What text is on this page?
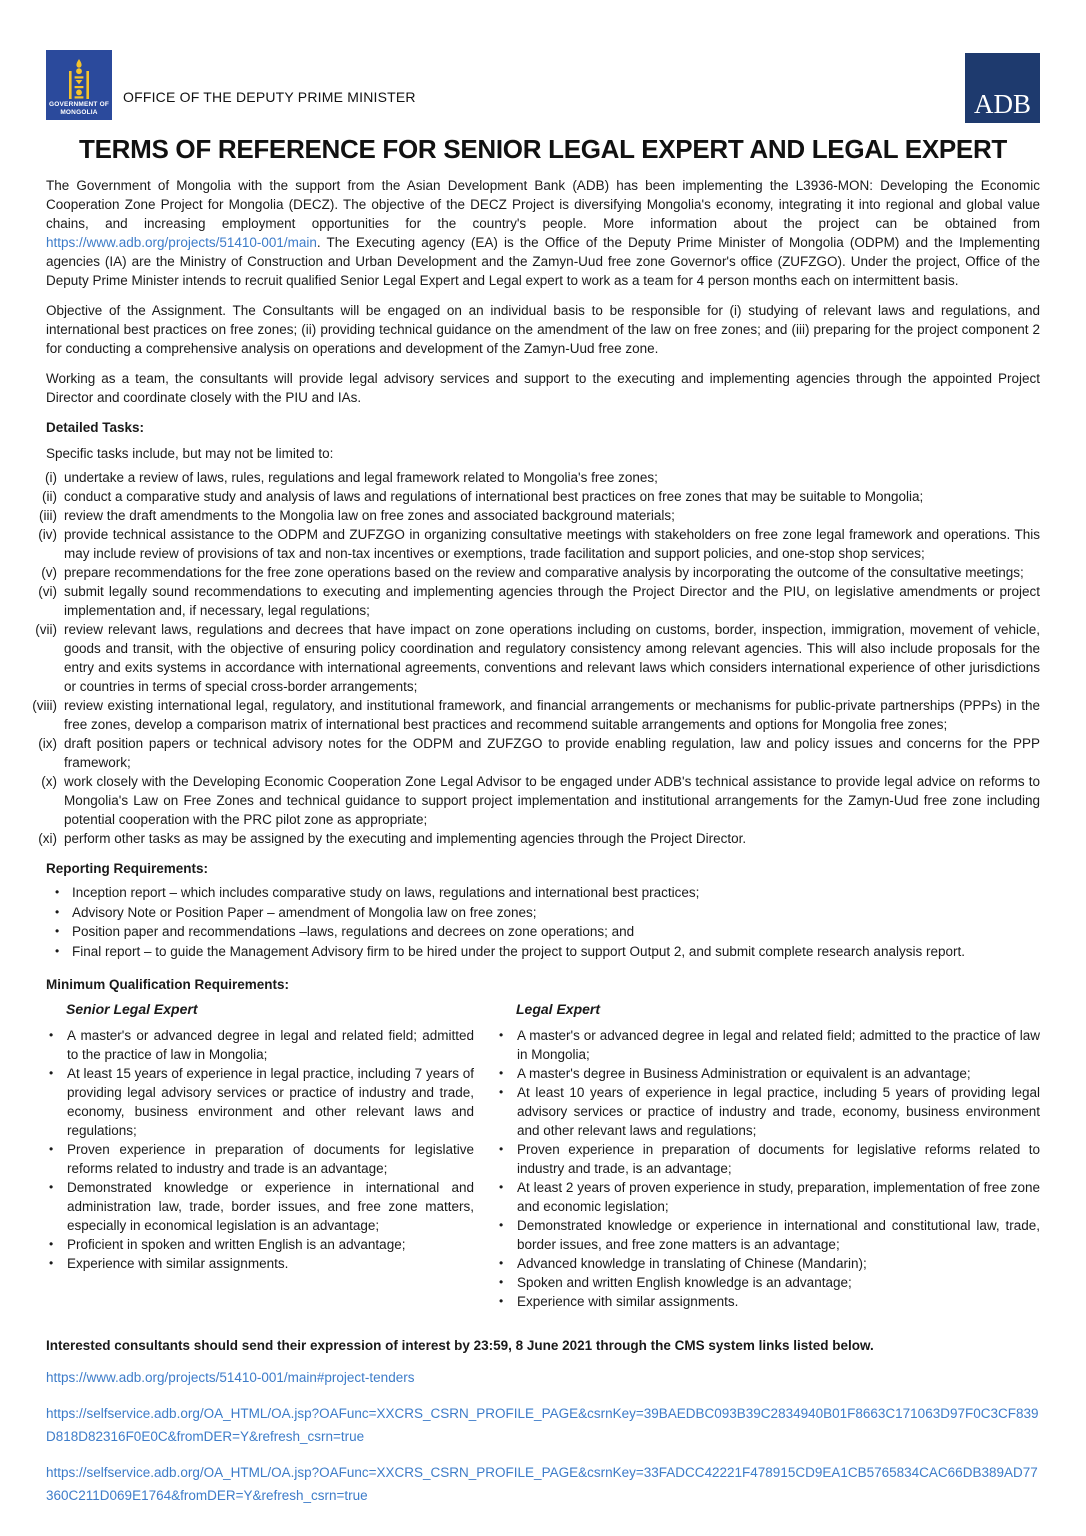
GOVERNMENT OF
MONGOLIA
OFFICE OF THE DEPUTY PRIME MINISTER	ADB
TERMS OF REFERENCE FOR SENIOR LEGAL EXPERT AND LEGAL EXPERT

The Government of Mongolia with the support from the Asian Development Bank (ADB) has been implementing the L3936-MON: Developing the Economic Cooperation Zone Project for Mongolia (DECZ). The objective of the DECZ Project is diversifying Mongolia's economy, integrating it into regional and global value chains, and increasing employment opportunities for the country's people. More information about the project can be obtained from https://www.adb.org/projects/51410-001/main. The Executing agency (EA) is the Office of the Deputy Prime Minister of Mongolia (ODPM) and the Implementing agencies (IA) are the Ministry of Construction and Urban Development and the Zamyn-Uud free zone Governor's office (ZUFZGO). Under the project, Office of the Deputy Prime Minister intends to recruit qualified Senior Legal Expert and Legal expert to work as a team for 4 person months each on intermittent basis.

Objective of the Assignment. The Consultants will be engaged on an individual basis to be responsible for (i) studying of relevant laws and regulations, and international best practices on free zones; (ii) providing technical guidance on the amendment of the law on free zones; and (iii) preparing for the project component 2 for conducting a comprehensive analysis on operations and development of the Zamyn-Uud free zone.

Working as a team, the consultants will provide legal advisory services and support to the executing and implementing agencies through the appointed Project Director and coordinate closely with the PIU and IAs.

Detailed Tasks:

Specific tasks include, but may not be limited to:

(i) undertake a review of laws, rules, regulations and legal framework related to Mongolia's free zones;
(ii) conduct a comparative study and analysis of laws and regulations of international best practices on free zones that may be suitable to Mongolia;
(iii) review the draft amendments to the Mongolia law on free zones and associated background materials;
(iv) provide technical assistance to the ODPM and ZUFZGO in organizing consultative meetings with stakeholders on free zone legal framework and operations. This may include review of provisions of tax and non-tax incentives or exemptions, trade facilitation and support policies, and one-stop shop services;
(v) prepare recommendations for the free zone operations based on the review and comparative analysis by incorporating the outcome of the consultative meetings;
(vi) submit legally sound recommendations to executing and implementing agencies through the Project Director and the PIU, on legislative amendments or project implementation and, if necessary, legal regulations;
(vii) review relevant laws, regulations and decrees that have impact on zone operations including on customs, border, inspection, immigration, movement of vehicle, goods and transit, with the objective of ensuring policy coordination and regulatory consistency among relevant agencies. This will also include proposals for the entry and exits systems in accordance with international agreements, conventions and relevant laws which considers international experience of other jurisdictions or countries in terms of special cross-border arrangements;
(viii) review existing international legal, regulatory, and institutional framework, and financial arrangements or mechanisms for public-private partnerships (PPPs) in the free zones, develop a comparison matrix of international best practices and recommend suitable arrangements and options for Mongolia free zones;
(ix) draft position papers or technical advisory notes for the ODPM and ZUFZGO to provide enabling regulation, law and policy issues and concerns for the PPP framework;
(x) work closely with the Developing Economic Cooperation Zone Legal Advisor to be engaged under ADB's technical assistance to provide legal advice on reforms to Mongolia's Law on Free Zones and technical guidance to support project implementation and institutional arrangements for the Zamyn-Uud free zone including potential cooperation with the PRC pilot zone as appropriate;
(xi) perform other tasks as may be assigned by the executing and implementing agencies through the Project Director.
Reporting Requirements:
• Inception report – which includes comparative study on laws, regulations and international best practices;
• Advisory Note or Position Paper – amendment of Mongolia law on free zones;
• Position paper and recommendations –laws, regulations and decrees on zone operations; and
• Final report – to guide the Management Advisory firm to be hired under the project to support Output 2, and submit complete research analysis report.
Minimum Qualification Requirements:
Senior Legal Expert
•	A master's or advanced degree in legal and related field; admitted to the practice of law in Mongolia;
•	At least 15 years of experience in legal practice, including 7 years of providing legal advisory services or practice of industry and trade, economy, business environment and other relevant laws and regulations;
•	Proven experience in preparation of documents for legislative reforms related to industry and trade is an advantage;
•	Demonstrated knowledge or experience in international and administration law, trade, border issues, and free zone matters, especially in economical legislation is an advantage;
•	Proficient in spoken and written English is an advantage;
•	Experience with similar assignments.
Legal Expert
•	A master's or advanced degree in legal and related field; admitted to the practice of law in Mongolia;
•	A master's degree in Business Administration or equivalent is an advantage;
•	At least 10 years of experience in legal practice, including 5 years of providing legal advisory services or practice of industry and trade, economy, business environment and other relevant laws and regulations;
•	Proven experience in preparation of documents for legislative reforms related to industry and trade, is an advantage;
•	At least 2 years of proven experience in study, preparation, implementation of free zone and economic legislation;
•	Demonstrated knowledge or experience in international and constitutional law, trade, border issues, and free zone matters is an advantage;
•	Advanced knowledge in translating of Chinese (Mandarin);
•	Spoken and written English knowledge is an advantage;
•	Experience with similar assignments.
Interested consultants should send their expression of interest by 23:59, 8 June 2021 through the CMS system links listed below.

https://www.adb.org/projects/51410-001/main#project-tenders

https://selfservice.adb.org/OA_HTML/OA.jsp?OAFunc=XXCRS_CSRN_PROFILE_PAGE&csrnKey=39BAEDBC093B39C2834940B01F8663C171063D97F0C3CF839D818D82316F0E0C&fromDER=Y&refresh_csrn=true

https://selfservice.adb.org/OA_HTML/OA.jsp?OAFunc=XXCRS_CSRN_PROFILE_PAGE&csrnKey=33FADCC42221F478915CD9EA1CB5765834CAC66DB389AD77360C211D069E1764&fromDER=Y&refresh_csrn=true
